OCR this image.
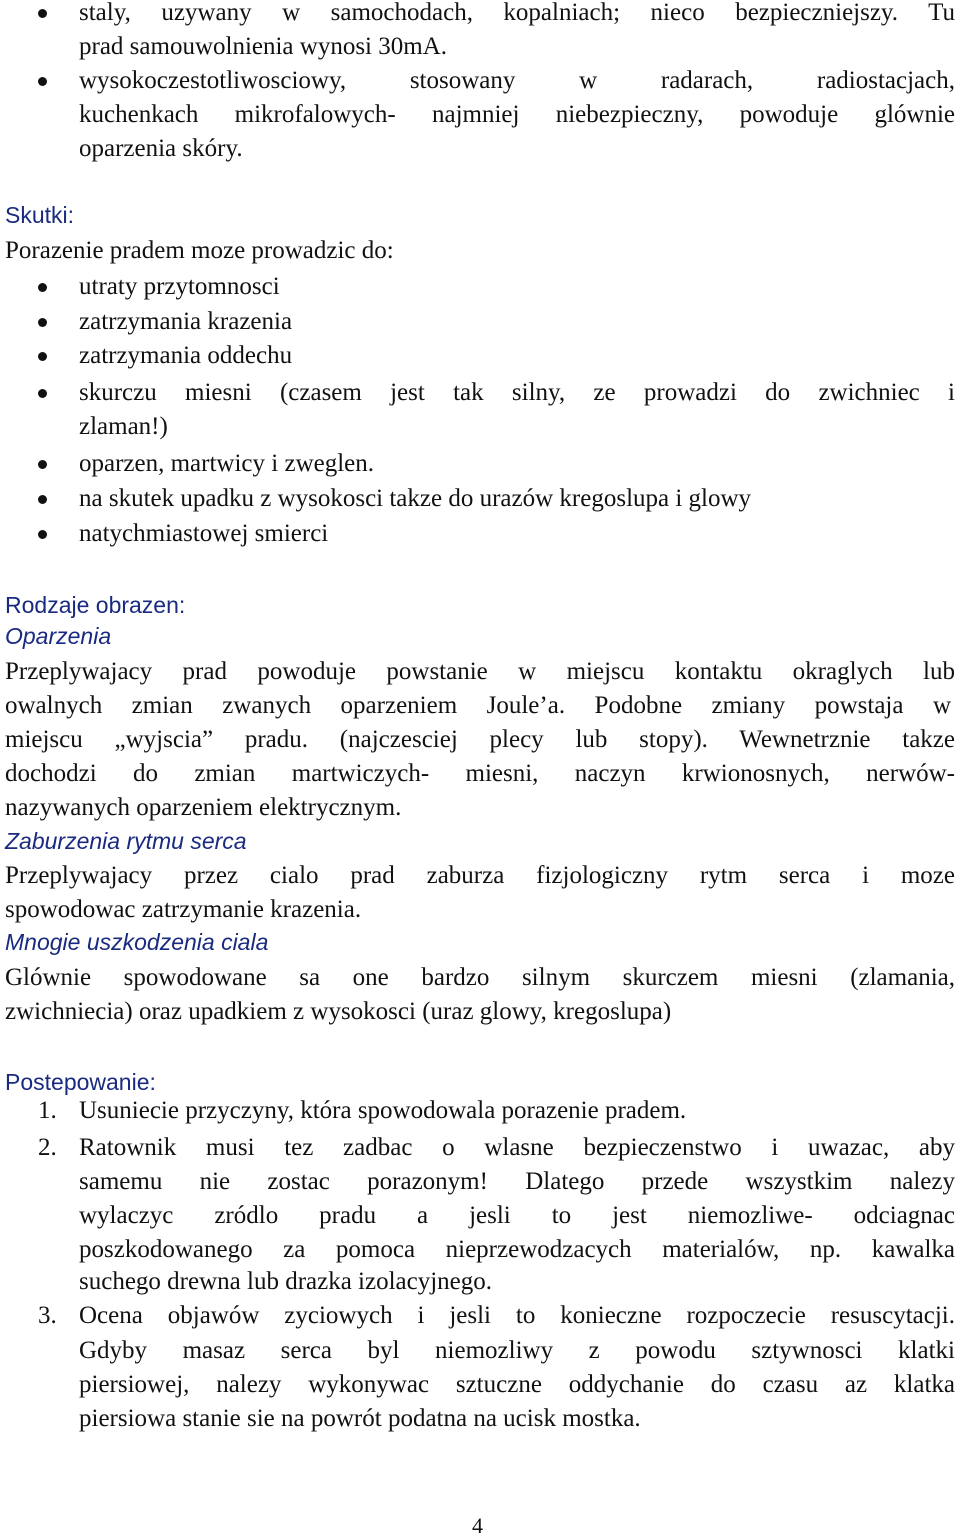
staly, uzywany w samochodach, kopalniach; nieco bezpieczniejszy. Tu
prad samouwolnienia wynosi 30mA.
wysokoczestotliwosciowy, stosowany w radarach, radiostacjach,
kuchenkach mikrofalowych- najmniej niebezpieczny, powoduje glównie
oparzenia skóry.
Skutki:
Porazenie pradem moze prowadzic do:
utraty przytomnosci
zatrzymania krazenia
zatrzymania oddechu
skurczu miesni (czasem jest tak silny, ze prowadzi do zwichniec i
zlaman!)
oparzen, martwicy i zweglen.
na skutek upadku z wysokosci takze do urazów kregoslupa i glowy
natychmiastowej smierci
Rodzaje obrazen:
Oparzenia
Przeplywajacy prad powoduje powstanie w miejscu kontaktu okraglych lub
owalnych zmian zwanych oparzeniem Joule’a. Podobne zmiany powstaja w
miejscu „wyjscia” pradu. (najczesciej plecy lub stopy). Wewnetrznie takze
dochodzi do zmian martwiczych- miesni, naczyn krwionosnych, nerwów-
nazywanych oparzeniem elektrycznym.
Zaburzenia rytmu serca
Przeplywajacy przez cialo prad zaburza fizjologiczny rytm serca i moze
spowodowac zatrzymanie krazenia.
Mnogie uszkodzenia ciala
Glównie spowodowane sa one bardzo silnym skurczem miesni (zlamania,
zwichniecia) oraz upadkiem z wysokosci (uraz glowy, kregoslupa)
Postepowanie:
1. Usuniecie przyczyny, która spowodowala porazenie pradem.
2. Ratownik musi tez zadbac o wlasne bezpieczenstwo i uwazac, aby
samemu nie zostac porazonym! Dlatego przede wszystkim nalezy
wylaczyc zródlo pradu a jesli to jest niemozliwe- odciagnac
poszkodowanego za pomoca nieprzewodzacych materialów, np. kawalka
suchego drewna lub drazka izolacyjnego.
3. Ocena objawów zyciowych i jesli to konieczne rozpoczecie resuscytacji.
Gdyby masaz serca byl niemozliwy z powodu sztywnosci klatki
piersiowej, nalezy wykonywac sztuczne oddychanie do czasu az klatka
piersiowa stanie sie na powrót podatna na ucisk mostka.
4
